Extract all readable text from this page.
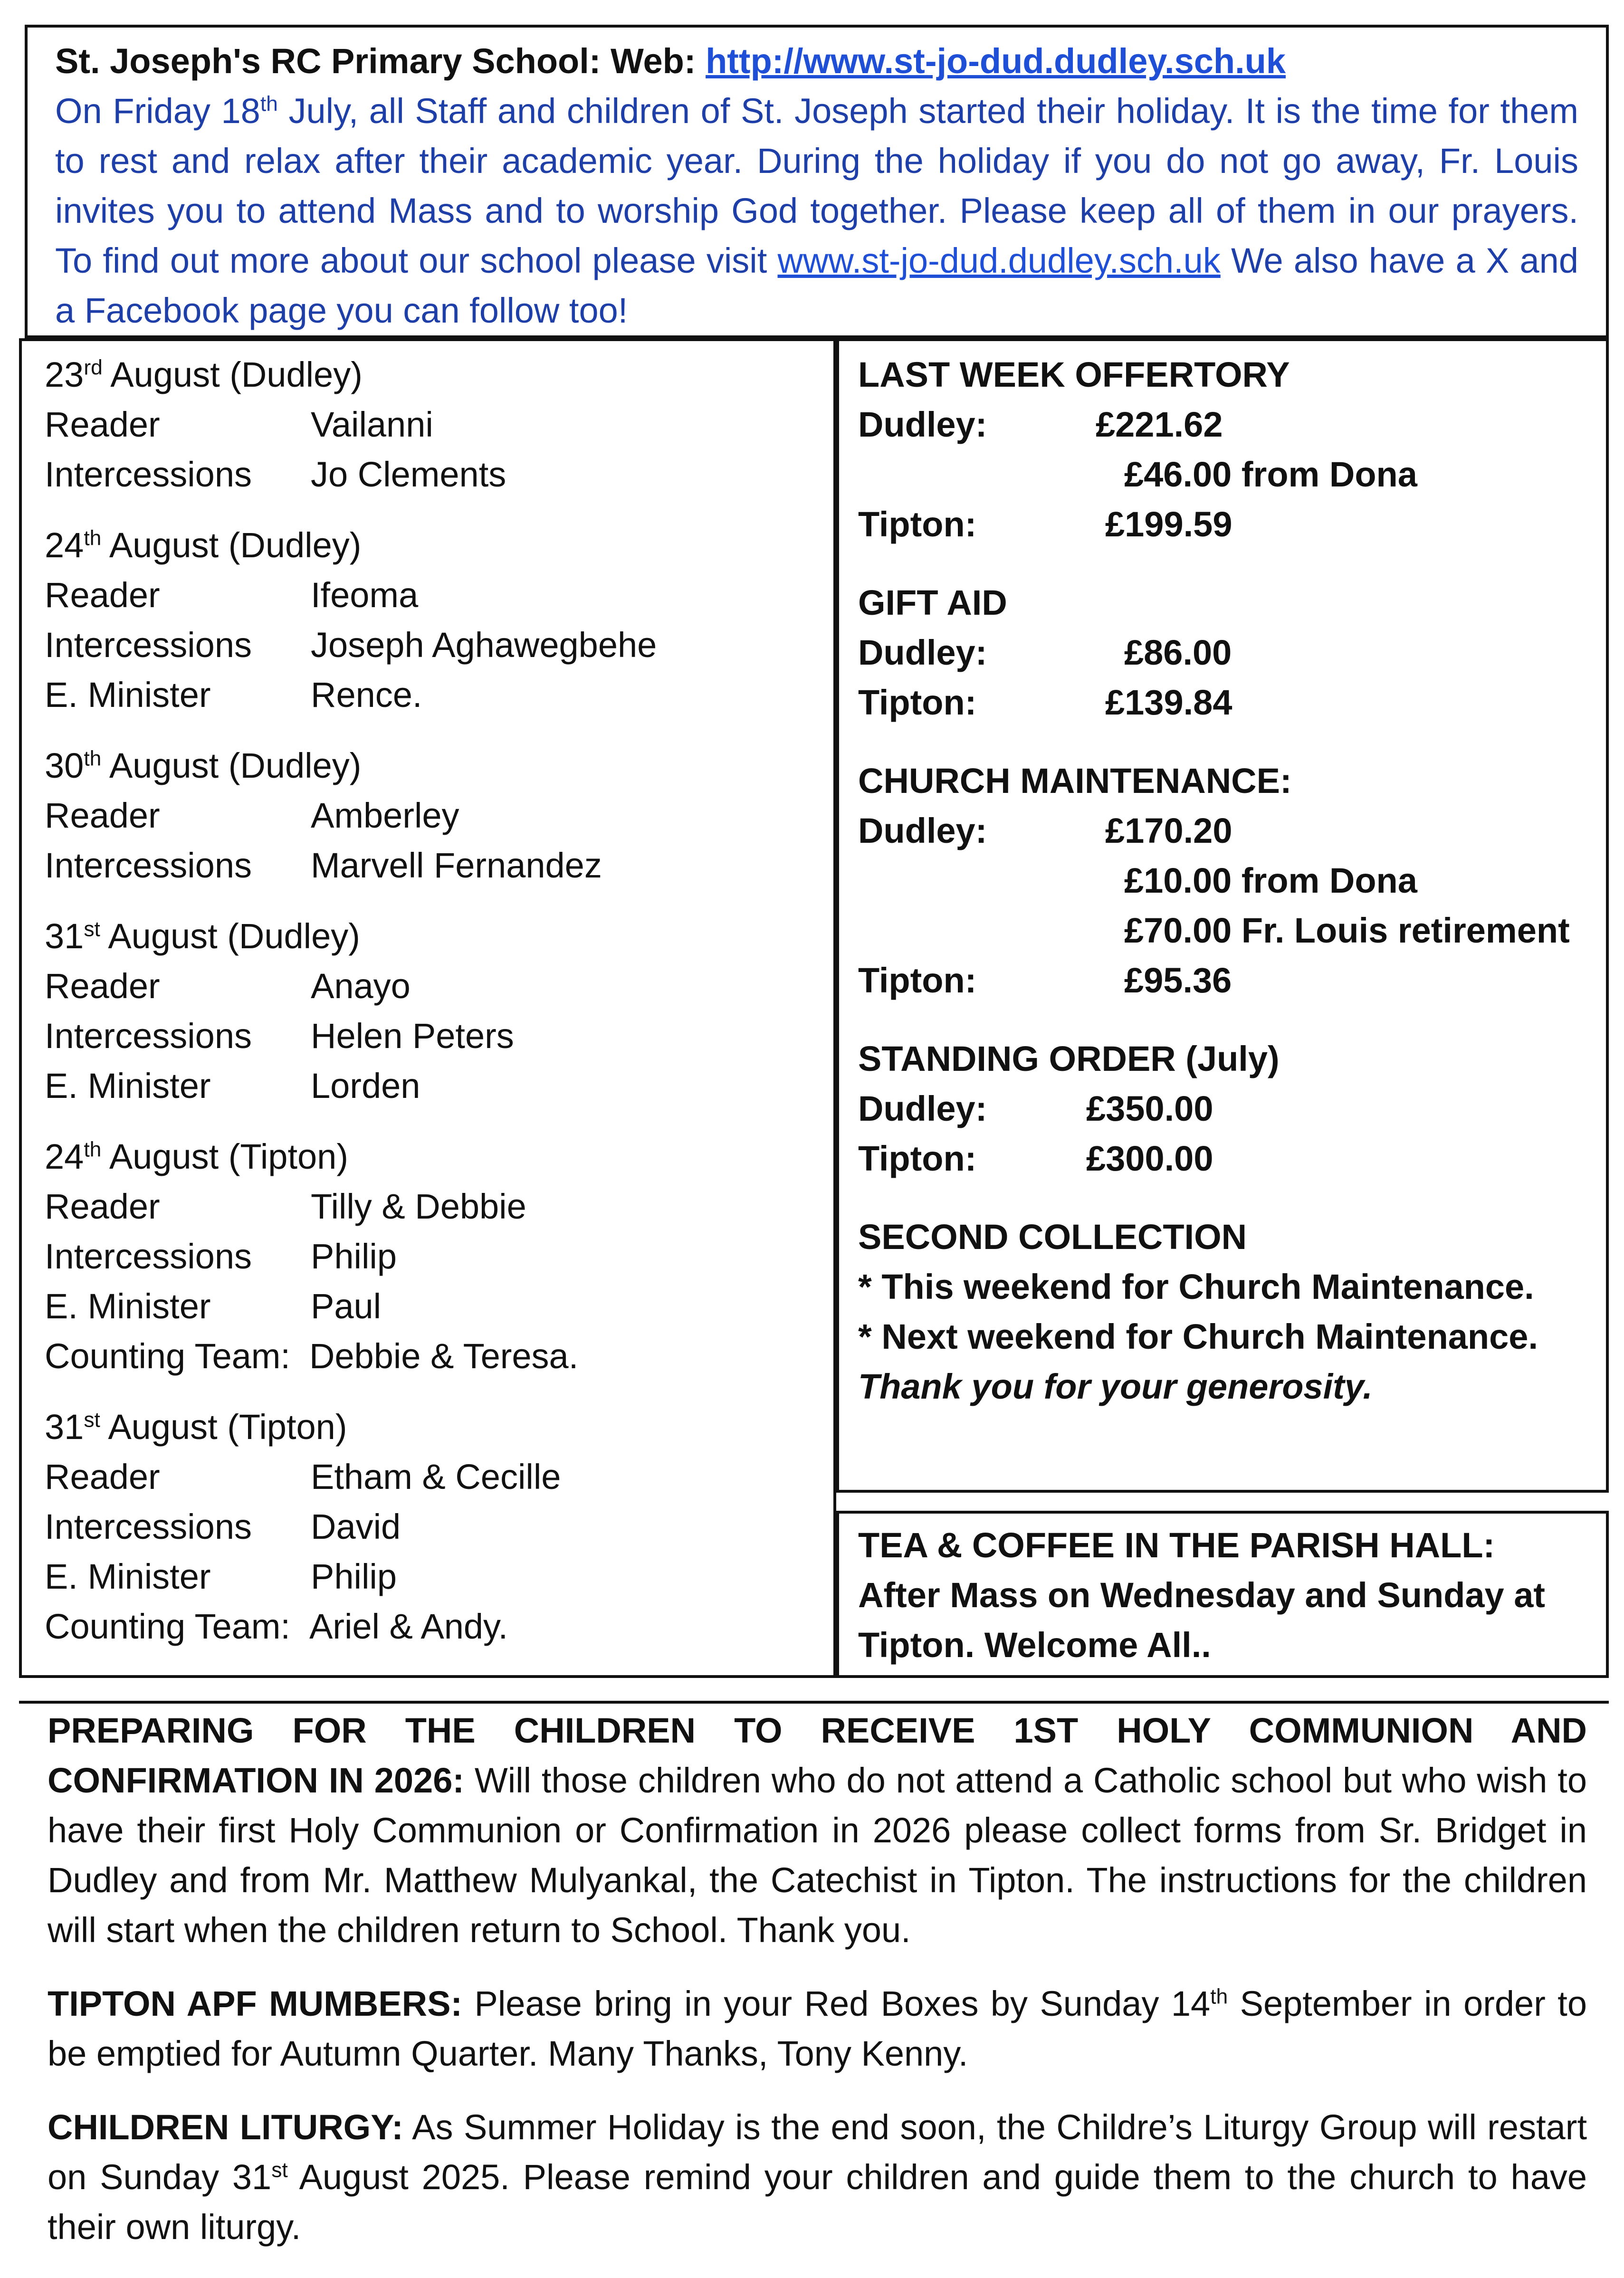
St. Joseph's RC Primary School: Web: http://www.st-jo-dud.dudley.sch.uk
On Friday 18th July, all Staff and children of St. Joseph started their holiday. It is the time for them to rest and relax after their academic year. During the holiday if you do not go away, Fr. Louis invites you to attend Mass and to worship God together. Please keep all of them in our prayers. To find out more about our school please visit www.st-jo-dud.dudley.sch.uk We also have a X and a Facebook page you can follow too!
23rd August (Dudley)
Reader	Vailanni
Intercessions	Jo Clements
24th August (Dudley)
Reader	Ifeoma
Intercessions	Joseph Aghawegbehe
E. Minister	Rence.
30th August (Dudley)
Reader	Amberley
Intercessions	Marvell Fernandez
31st August (Dudley)
Reader	Anayo
Intercessions	Helen Peters
E. Minister	Lorden
24th August (Tipton)
Reader	Tilly & Debbie
Intercessions	Philip
E. Minister	Paul
Counting Team: Debbie & Teresa.
31st August (Tipton)
Reader	Etham & Cecille
Intercessions	David
E. Minister	Philip
Counting Team: Ariel & Andy.
LAST WEEK OFFERTORY
Dudley:	£221.62
£46.00 from Dona
Tipton:	£199.59
GIFT AID
Dudley:	£86.00
Tipton:	£139.84
CHURCH MAINTENANCE:
Dudley:	£170.20
£10.00 from Dona
£70.00 Fr. Louis retirement
Tipton:	£95.36
STANDING ORDER (July)
Dudley:	£350.00
Tipton:	£300.00
SECOND COLLECTION
* This weekend for Church Maintenance.
* Next weekend for Church Maintenance.
Thank you for your generosity.
TEA & COFFEE IN THE PARISH HALL:
After Mass on Wednesday and Sunday at Tipton. Welcome All..
PREPARING FOR THE CHILDREN TO RECEIVE 1ST HOLY COMMUNION AND CONFIRMATION IN 2026: Will those children who do not attend a Catholic school but who wish to have their first Holy Communion or Confirmation in 2026 please collect forms from Sr. Bridget in Dudley and from Mr. Matthew Mulyankal, the Catechist in Tipton. The instructions for the children will start when the children return to School. Thank you.
TIPTON APF MUMBERS: Please bring in your Red Boxes by Sunday 14th September in order to be emptied for Autumn Quarter. Many Thanks, Tony Kenny.
CHILDREN LITURGY: As Summer Holiday is the end soon, the Childre’s Liturgy Group will restart on Sunday 31st August 2025. Please remind your children and guide them to the church to have their own liturgy.
